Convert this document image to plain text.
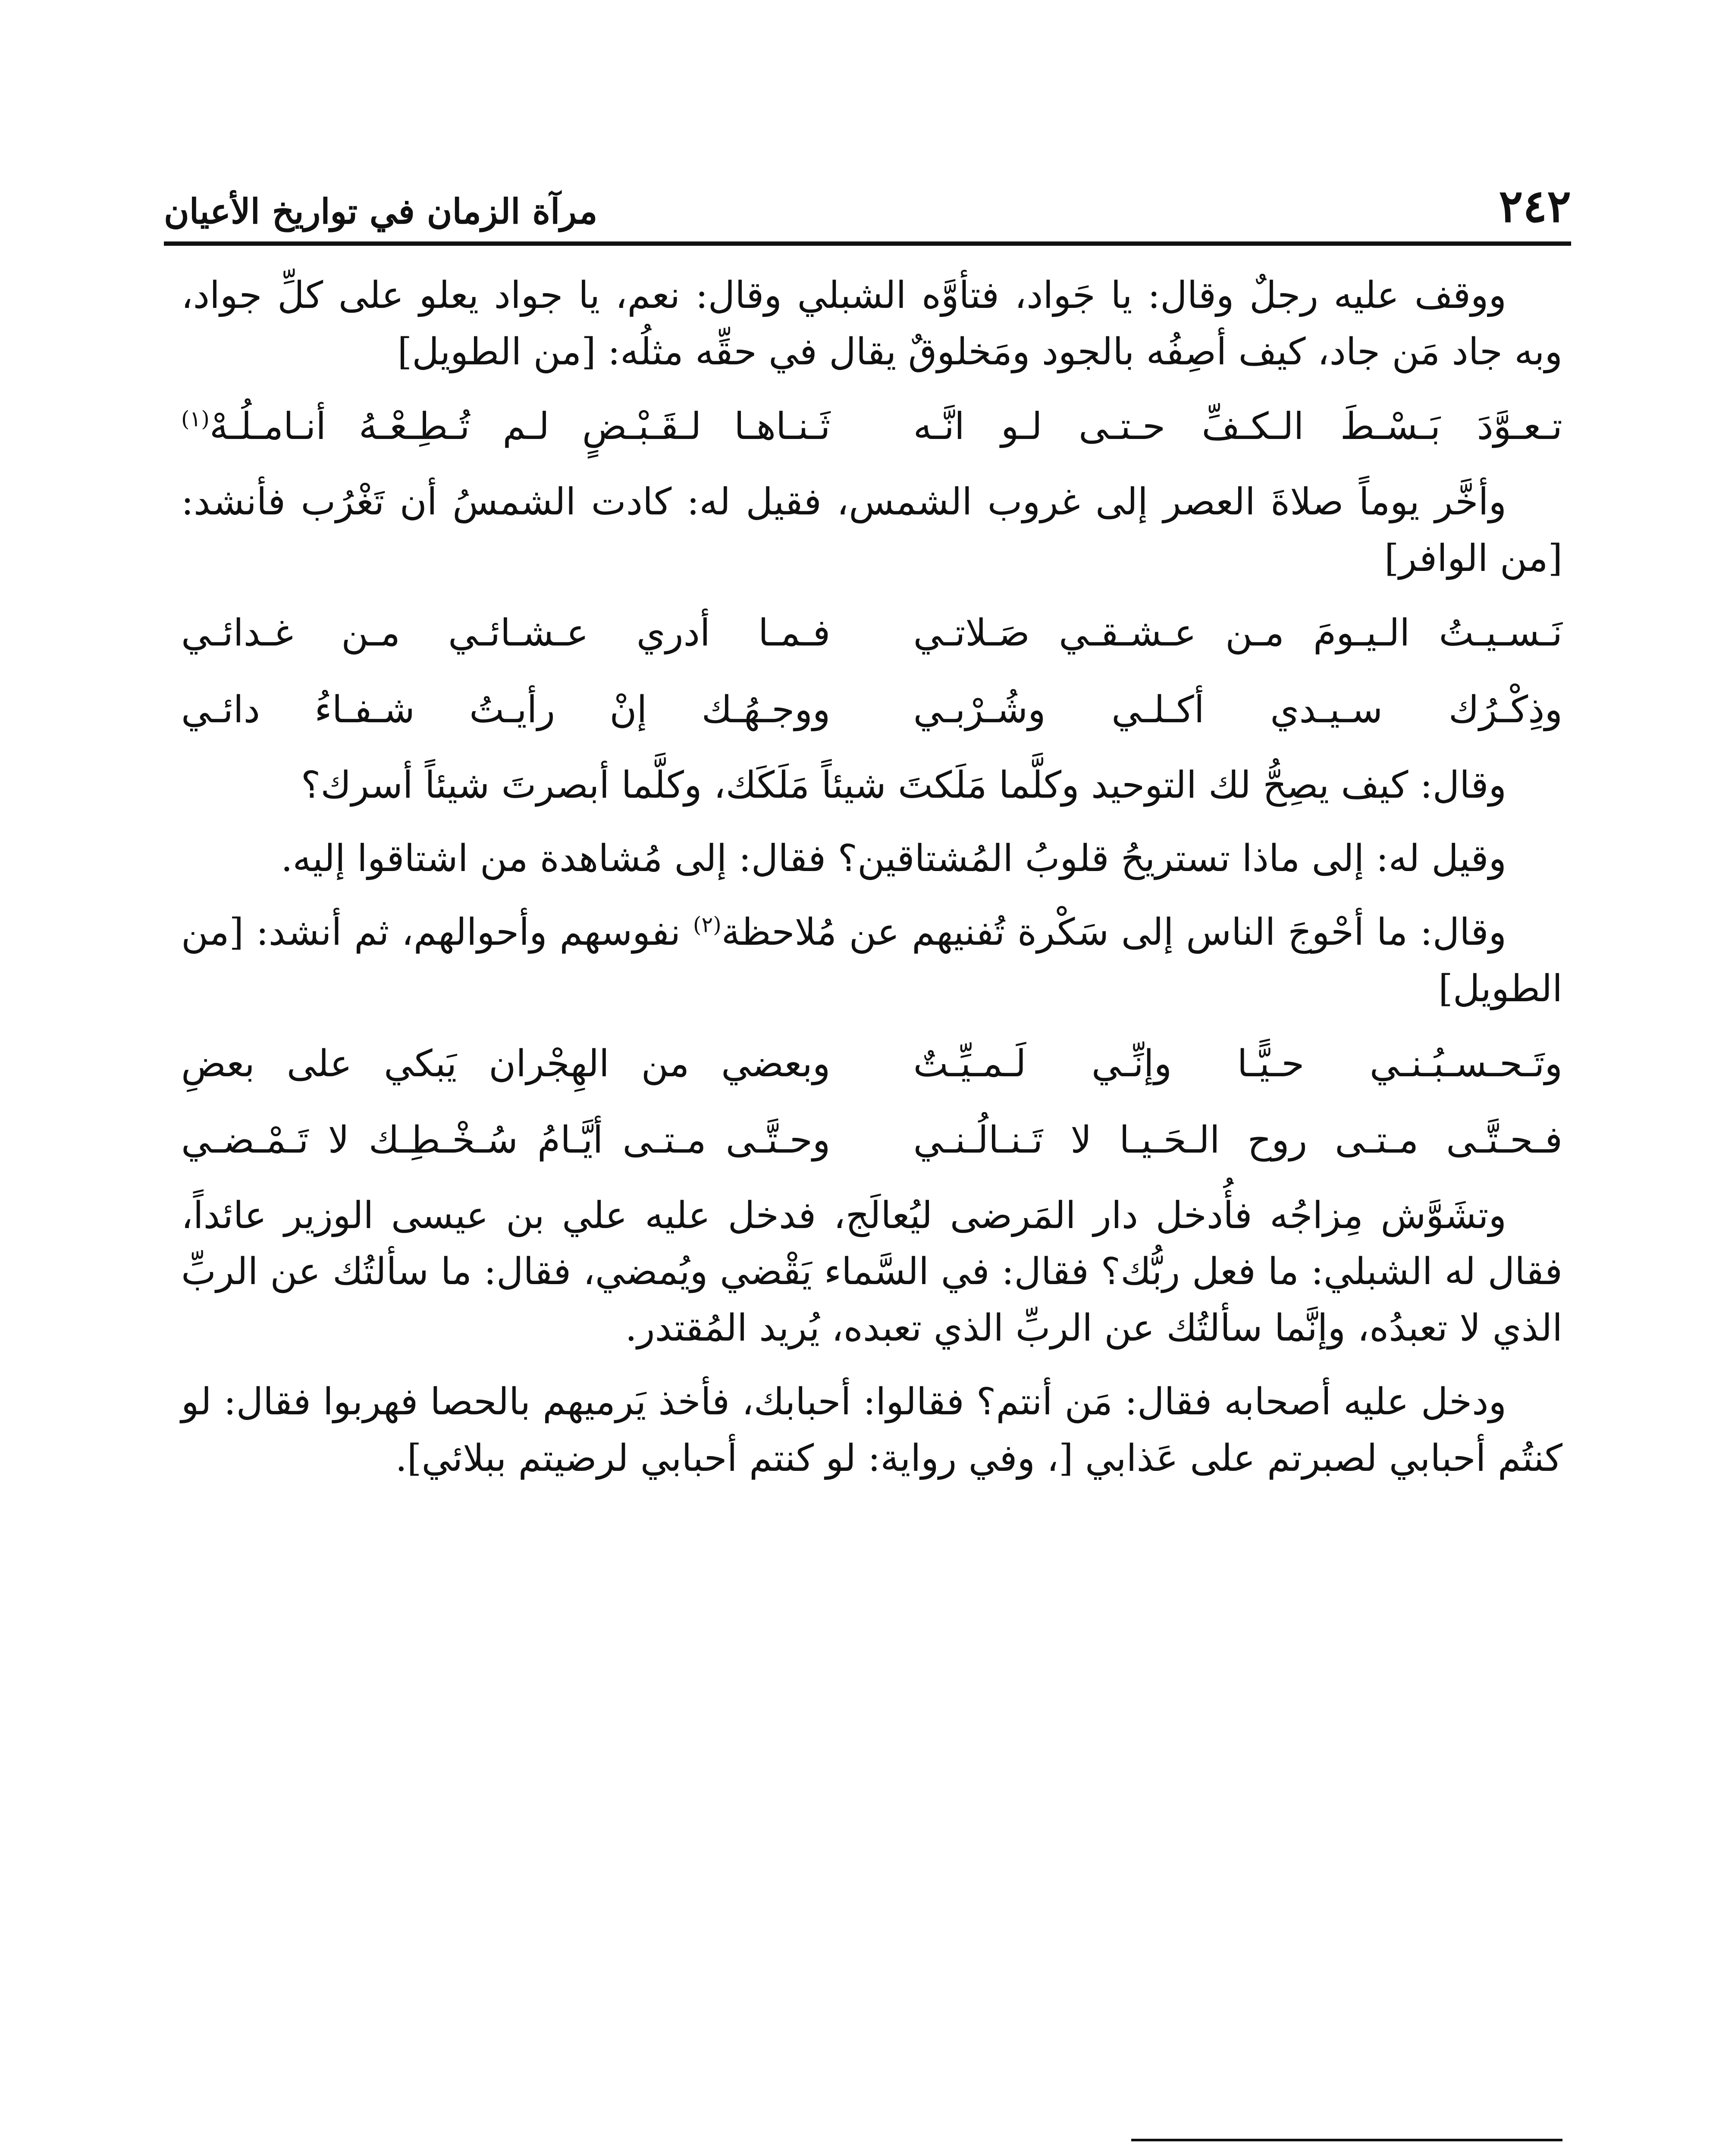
٢٤٢
مرآة الزمان في تواريخ الأعيان

ووقف عليه رجلٌ وقال: يا جَواد، فتأوَّه الشبلي وقال: نعم، يا جواد يعلو على كلِّ جواد، وبه جاد مَن جاد، كيف أصِفُه بالجود ومَخلوقٌ يقال في حقِّه مثلُه: [من الطويل]

تـعـوَّدَ بَـسْـطَ الـكـفِّ حـتـى لـو انَّـه
ثَـنـاهـا لـقَـبْـضٍ لـم تُـطِـعْـهُ أنـامـلُـهْ$^{(١)}$

وأخَّر يوماً صلاةَ العصر إلى غروب الشمس، فقيل له: كادت الشمسُ أن تَغْرُب فأنشد: [من الوافر]

نَـسـيـتُ الـيـومَ مـن عـشـقـي صَـلاتـي
فـمـا أدري عـشـائـي مـن غـدائـي
وذِكْـرُك سـيـدي أكـلـي وشُـرْبـي
ووجـهُـك إنْ رأيـتُ شـفـاءُ دائـي

وقال: كيف يصِحُّ لك التوحيد وكلَّما مَلَكتَ شيئاً مَلَكَك، وكلَّما أبصرتَ شيئاً أسرك؟

وقيل له: إلى ماذا تستريحُ قلوبُ المُشتاقين؟ فقال: إلى مُشاهدة من اشتاقوا إليه.

وقال: ما أحْوجَ الناس إلى سَكْرة تُفنيهم عن مُلاحظة$^{(٢)}$ نفوسهم وأحوالهم، ثم أنشد: [من الطويل]

وتَـحـسـبُـنـي حـيًّـا وإنِّـي لَـمـيِّـتٌ
وبعضي من الهِجْران يَبكي على بعضِ
فـحـتَّـى مـتـى روح الـحَـيـا لا تَـنـالُـنـي
وحـتَّـى مـتـى أيَّـامُ سُـخْـطِـك لا تَـمْـضـي

وتشَوَّش مِزاجُه فأُدخل دار المَرضى ليُعالَج، فدخل عليه علي بن عيسى الوزير عائداً، فقال له الشبلي: ما فعل ربُّك؟ فقال: في السَّماء يَقْضي ويُمضي، فقال: ما سألتُك عن الربِّ الذي لا تعبدُه، وإنَّما سألتُك عن الربِّ الذي تعبده، يُريد المُقتدر.

ودخل عليه أصحابه فقال: مَن أنتم؟ فقالوا: أحبابك، فأخذ يَرميهم بالحصا فهربوا فقال: لو كنتُم أحبابي لصبرتم على عَذابي [، وفي رواية: لو كنتم أحبابي لرضيتم ببلائي].
